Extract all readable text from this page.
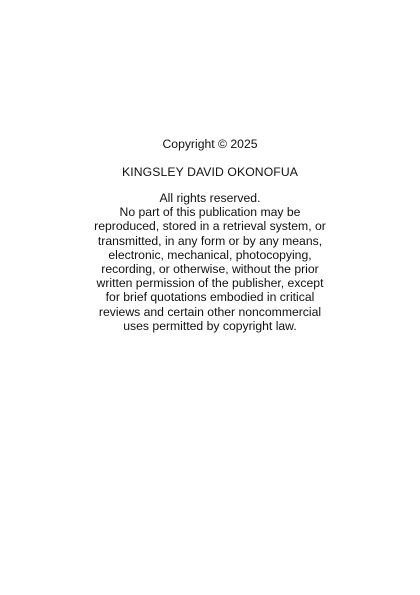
Copyright © 2025
KINGSLEY DAVID OKONOFUA
All rights reserved.
No part of this publication may be
reproduced, stored in a retrieval system, or
transmitted, in any form or by any means,
electronic, mechanical, photocopying,
recording, or otherwise, without the prior
written permission of the publisher, except
for brief quotations embodied in critical
reviews and certain other noncommercial
uses permitted by copyright law.
